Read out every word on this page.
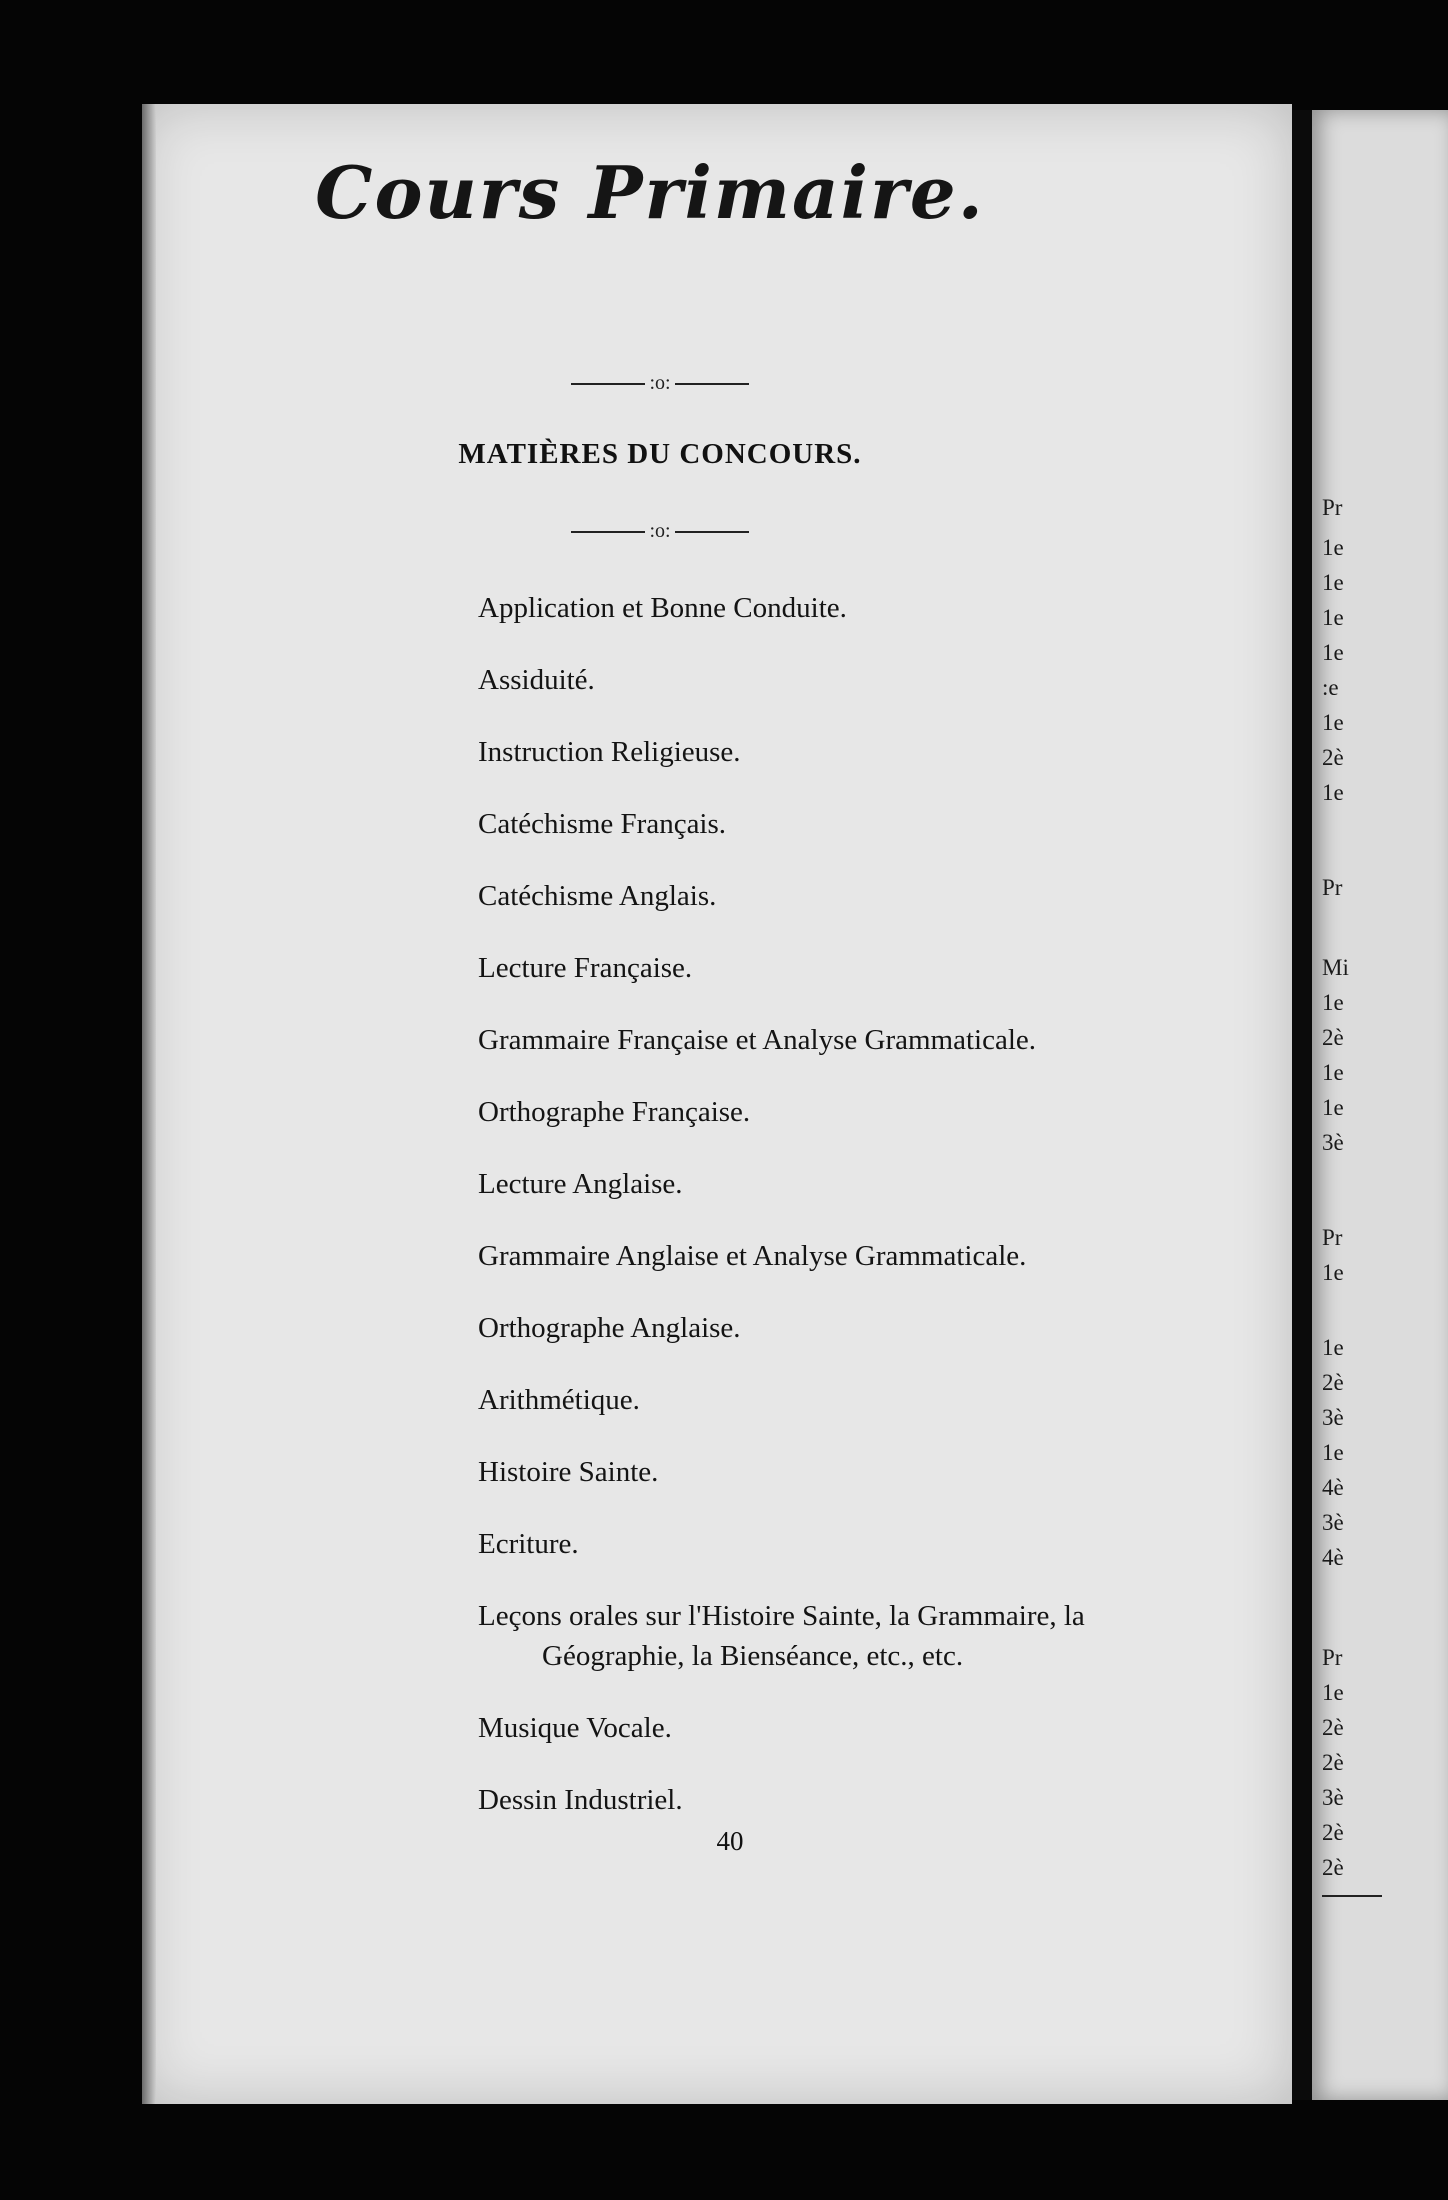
Pr
1e
1e
1e
1e
:e
1e
2è
1e
Pr
Mi
1e
2è
1e
1e
3è
Pr
1e
1e
2è
3è
1e
4è
3è
4è
Pr
1e
2è
2è
3è
2è
2è
Cours Primaire.
:o:
MATIÈRES DU CONCOURS.
:o:
Application et Bonne Conduite.
Assiduité.
Instruction Religieuse.
Catéchisme Français.
Catéchisme Anglais.
Lecture Française.
Grammaire Française et Analyse Grammaticale.
Orthographe Française.
Lecture Anglaise.
Grammaire Anglaise et Analyse Grammaticale.
Orthographe Anglaise.
Arithmétique.
Histoire Sainte.
Ecriture.
Leçons orales sur l'Histoire Sainte, la Grammaire, la
Géographie, la Bienséance, etc., etc.
Musique Vocale.
Dessin Industriel.
40
